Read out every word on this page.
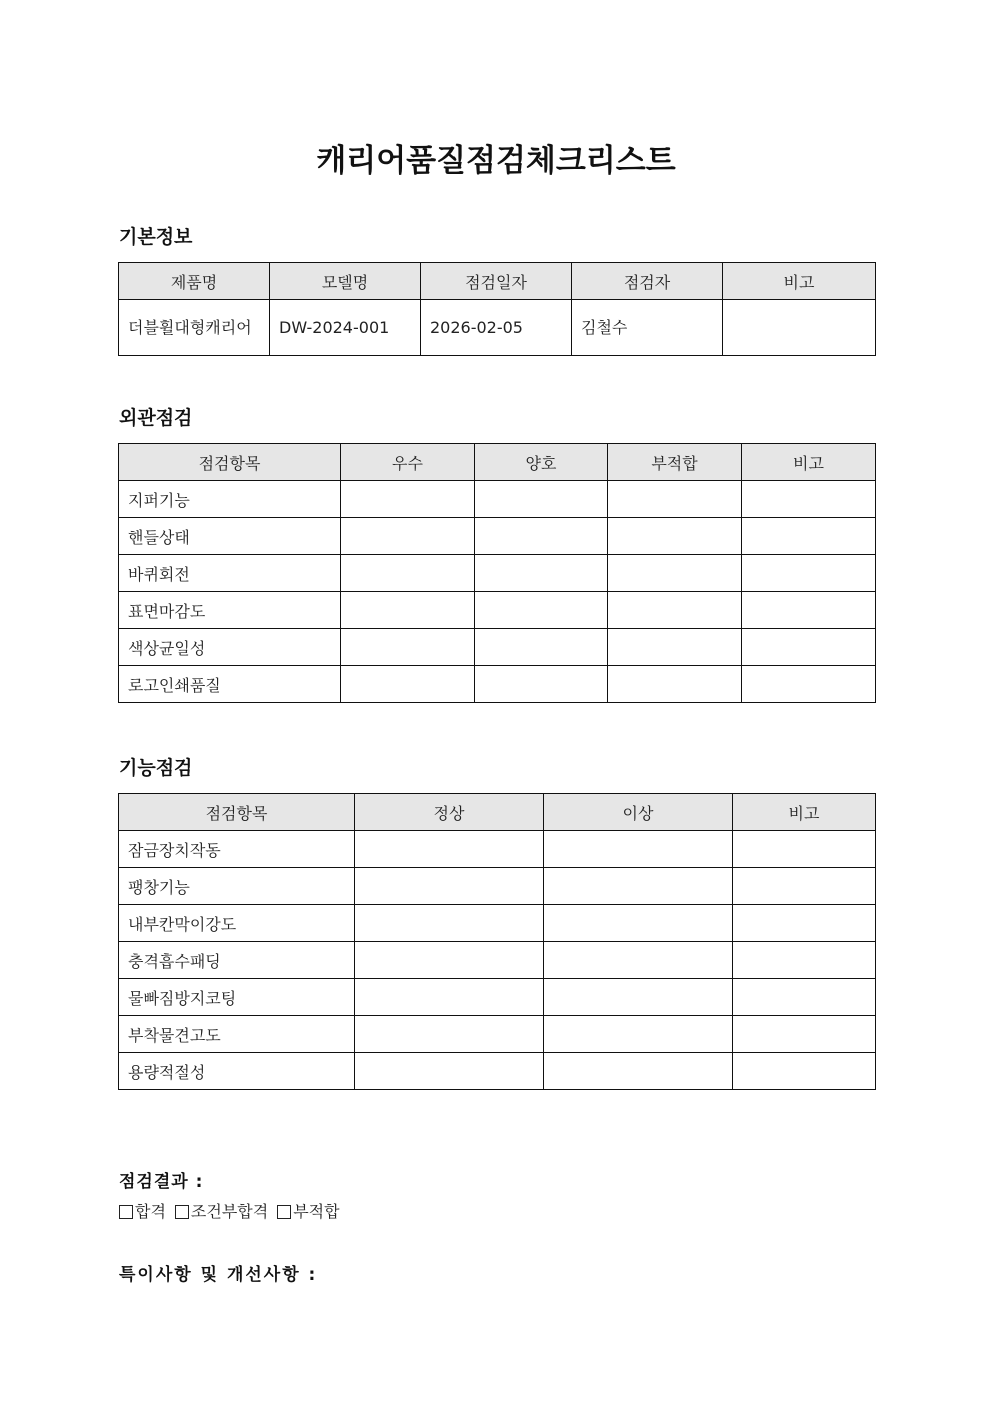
캐리어품질점검체크리스트
기본정보
제품명	모델명	점검일자	점검자	비고
더블휠대형캐리어	DW-2024-001	2026-02-05	김철수	
외관점검
점검항목	우수	양호	부적합	비고
지퍼기능				
핸들상태				
바퀴회전				
표면마감도				
색상균일성				
로고인쇄품질				
기능점검
점검항목	정상	이상	비고
잠금장치작동			
팽창기능			
내부칸막이강도			
충격흡수패딩			
물빠짐방지코팅			
부착물견고도			
용량적절성			
점검결과 :
합격 조건부합격 부적합
특이사항 및 개선사항 :
